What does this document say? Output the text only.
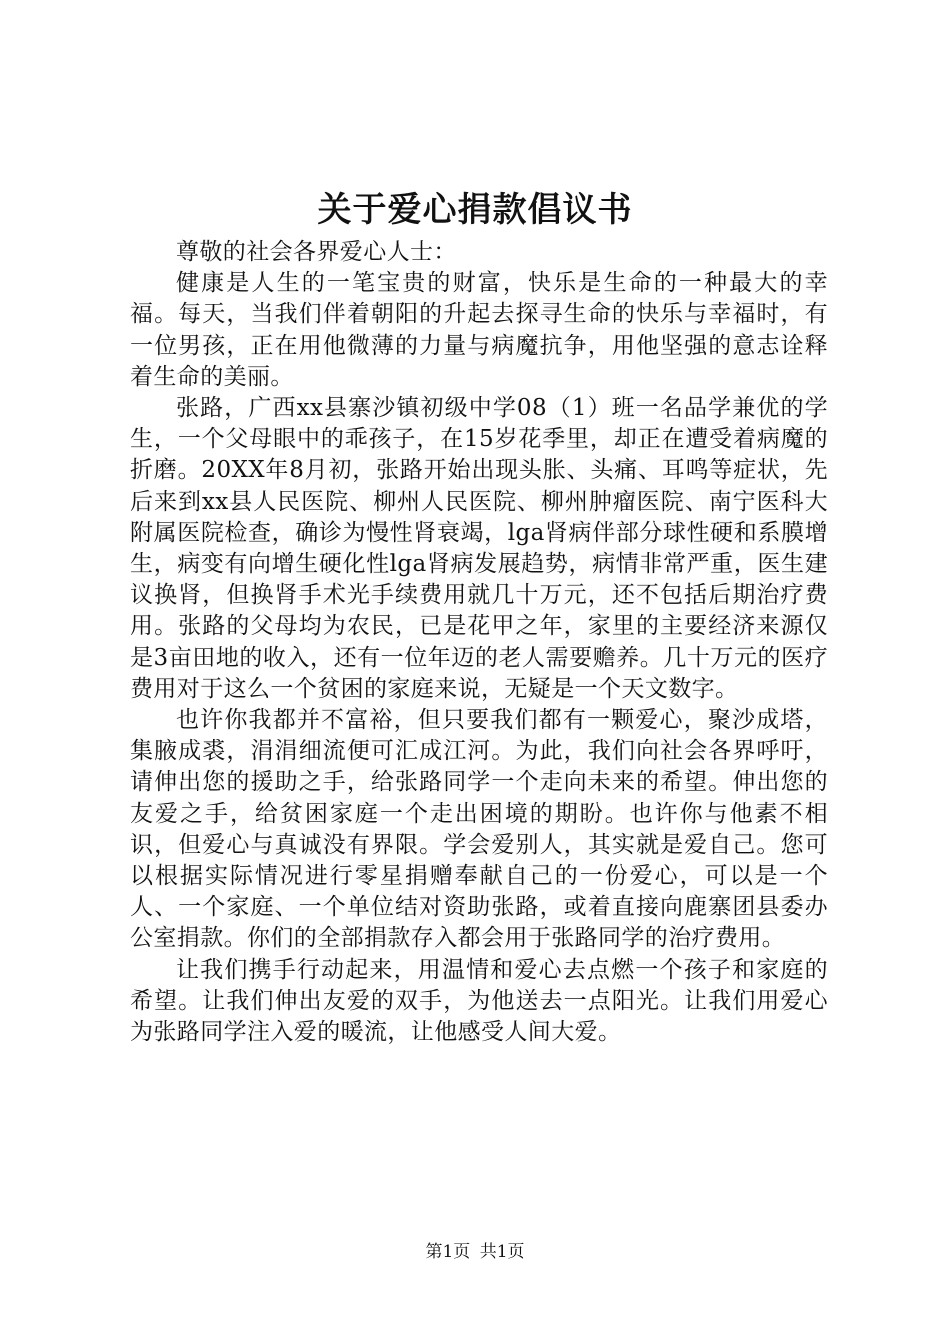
关于爱心捐款倡议书

尊敬的社会各界爱心人士：

健康是人生的一笔宝贵的财富，快乐是生命的一种最大的幸福。每天，当我们伴着朝阳的升起去探寻生命的快乐与幸福时，有一位男孩，正在用他微薄的力量与病魔抗争，用他坚强的意志诠释着生命的美丽。

张路，广西xx县寨沙镇初级中学08（1）班一名品学兼优的学生，一个父母眼中的乖孩子，在15岁花季里，却正在遭受着病魔的折磨。20XX年8月初，张路开始出现头胀、头痛、耳鸣等症状，先后来到xx县人民医院、柳州人民医院、柳州肿瘤医院、南宁医科大附属医院检查，确诊为慢性肾衰竭，lga肾病伴部分球性硬和系膜增生，病变有向增生硬化性lga肾病发展趋势，病情非常严重，医生建议换肾，但换肾手术光手续费用就几十万元，还不包括后期治疗费用。张路的父母均为农民，已是花甲之年，家里的主要经济来源仅是3亩田地的收入，还有一位年迈的老人需要赡养。几十万元的医疗费用对于这么一个贫困的家庭来说，无疑是一个天文数字。

也许你我都并不富裕，但只要我们都有一颗爱心，聚沙成塔，集腋成裘，涓涓细流便可汇成江河。为此，我们向社会各界呼吁，请伸出您的援助之手，给张路同学一个走向未来的希望。伸出您的友爱之手，给贫困家庭一个走出困境的期盼。也许你与他素不相识，但爱心与真诚没有界限。学会爱别人，其实就是爱自己。您可以根据实际情况进行零星捐赠奉献自己的一份爱心，可以是一个人、一个家庭、一个单位结对资助张路，或着直接向鹿寨团县委办公室捐款。你们的全部捐款存入都会用于张路同学的治疗费用。

让我们携手行动起来，用温情和爱心去点燃一个孩子和家庭的希望。让我们伸出友爱的双手，为他送去一点阳光。让我们用爱心为张路同学注入爱的暖流，让他感受人间大爱。

第1页 共1页
